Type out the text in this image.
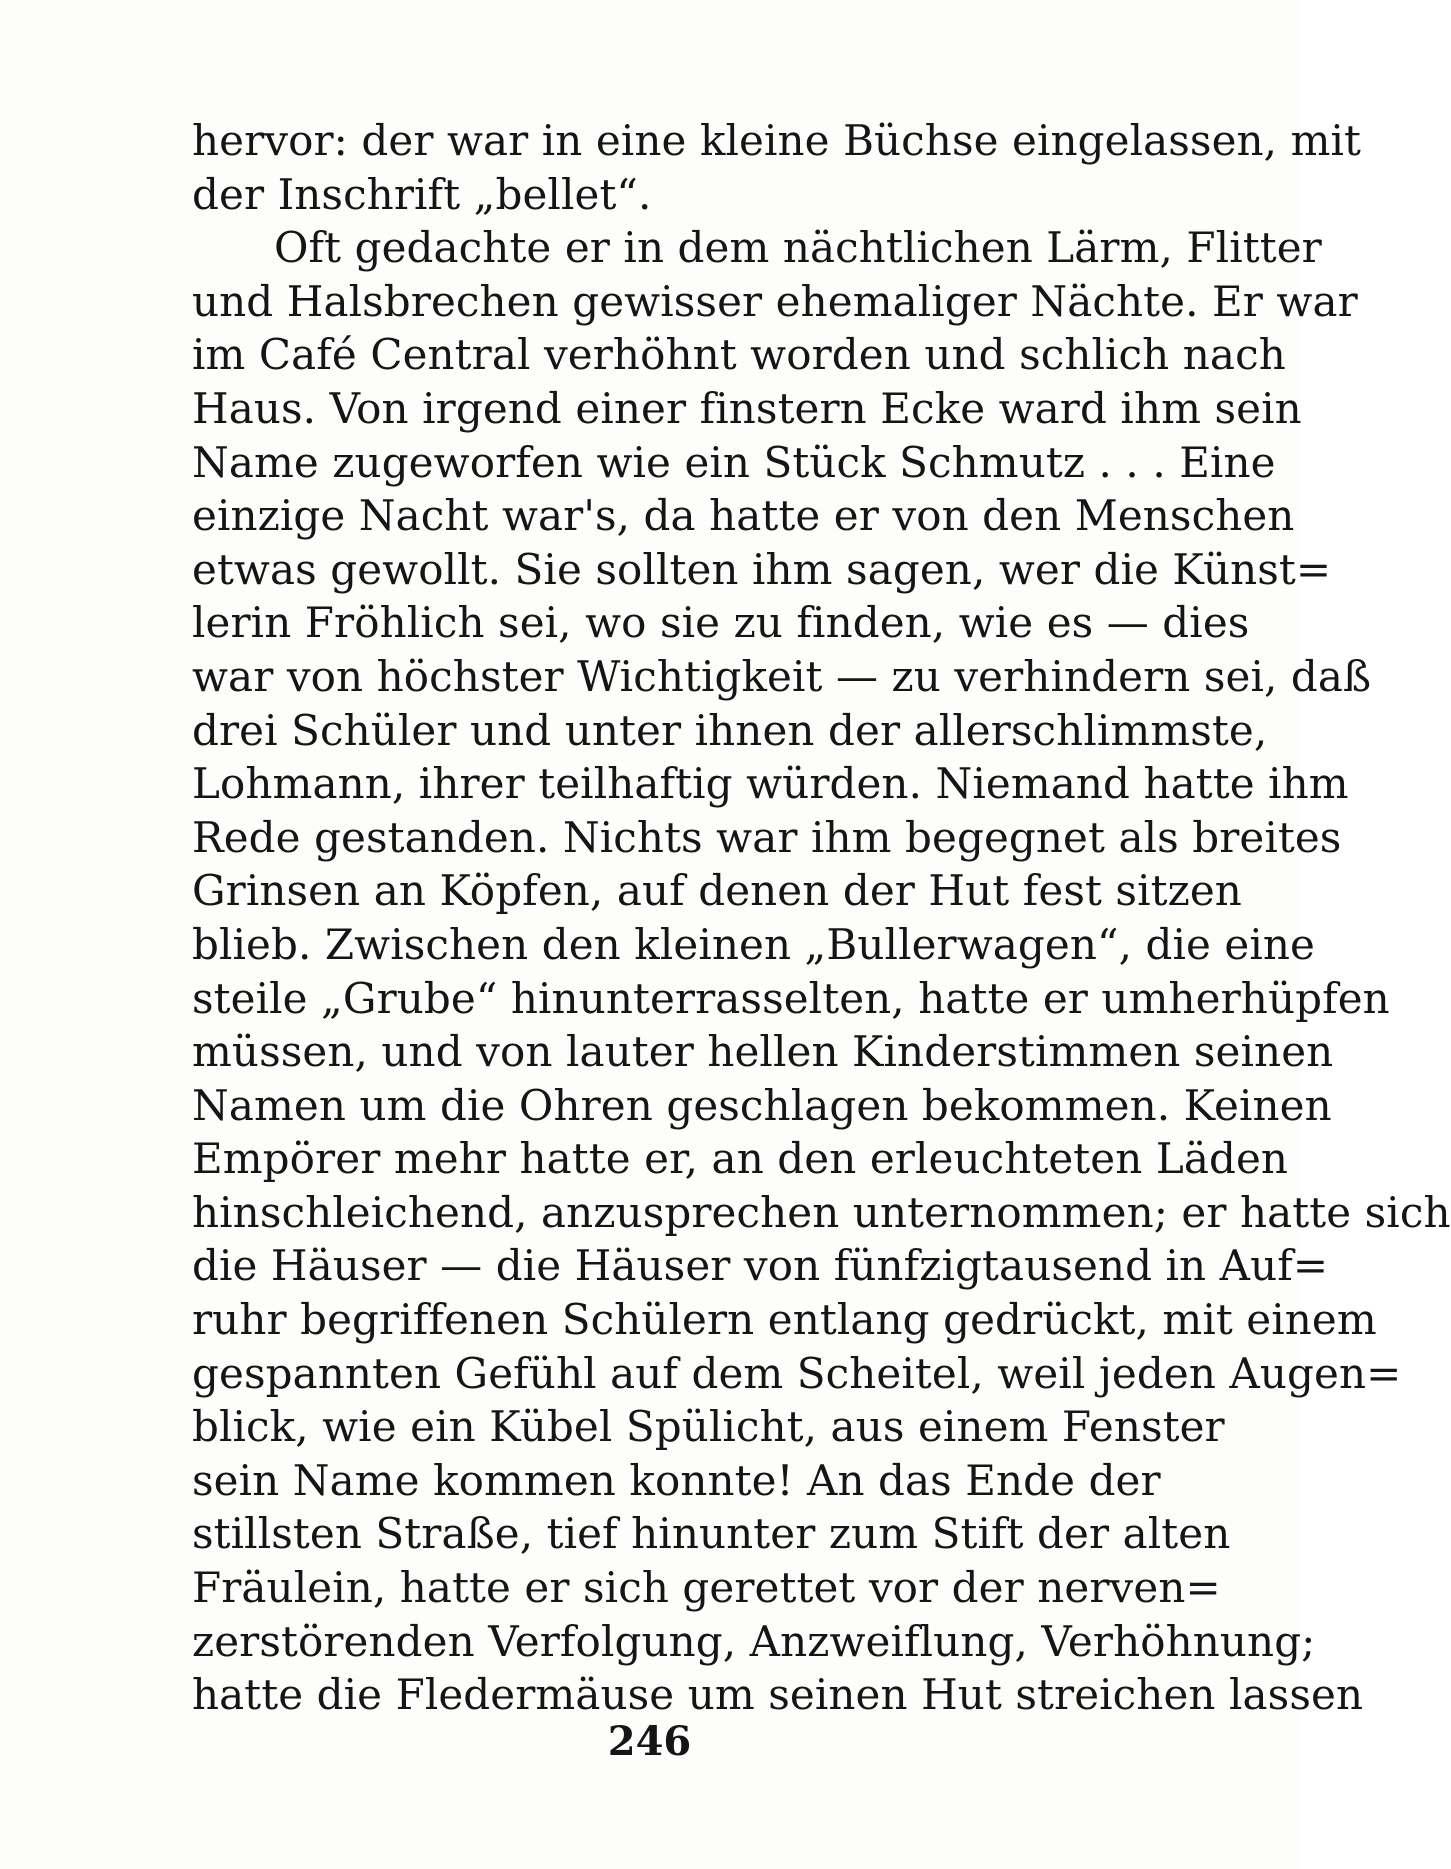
hervor: der war in eine kleine Büchse eingelassen, mit
der Inschrift „bellet“.
Oft gedachte er in dem nächtlichen Lärm, Flitter
und Halsbrechen gewisser ehemaliger Nächte. Er war
im Café Central verhöhnt worden und schlich nach
Haus. Von irgend einer finstern Ecke ward ihm sein
Name zugeworfen wie ein Stück Schmutz . . . Eine
einzige Nacht war's, da hatte er von den Menschen
etwas gewollt. Sie sollten ihm sagen, wer die Künst=
lerin Fröhlich sei, wo sie zu finden, wie es — dies
war von höchster Wichtigkeit — zu verhindern sei, daß
drei Schüler und unter ihnen der allerschlimmste,
Lohmann, ihrer teilhaftig würden. Niemand hatte ihm
Rede gestanden. Nichts war ihm begegnet als breites
Grinsen an Köpfen, auf denen der Hut fest sitzen
blieb. Zwischen den kleinen „Bullerwagen“, die eine
steile „Grube“ hinunterrasselten, hatte er umherhüpfen
müssen, und von lauter hellen Kinderstimmen seinen
Namen um die Ohren geschlagen bekommen. Keinen
Empörer mehr hatte er, an den erleuchteten Läden
hinschleichend, anzusprechen unternommen; er hatte sich
die Häuser — die Häuser von fünfzigtausend in Auf=
ruhr begriffenen Schülern entlang gedrückt, mit einem
gespannten Gefühl auf dem Scheitel, weil jeden Augen=
blick, wie ein Kübel Spülicht, aus einem Fenster
sein Name kommen konnte! An das Ende der
stillsten Straße, tief hinunter zum Stift der alten
Fräulein, hatte er sich gerettet vor der nerven=
zerstörenden Verfolgung, Anzweiflung, Verhöhnung;
hatte die Fledermäuse um seinen Hut streichen lassen
246
